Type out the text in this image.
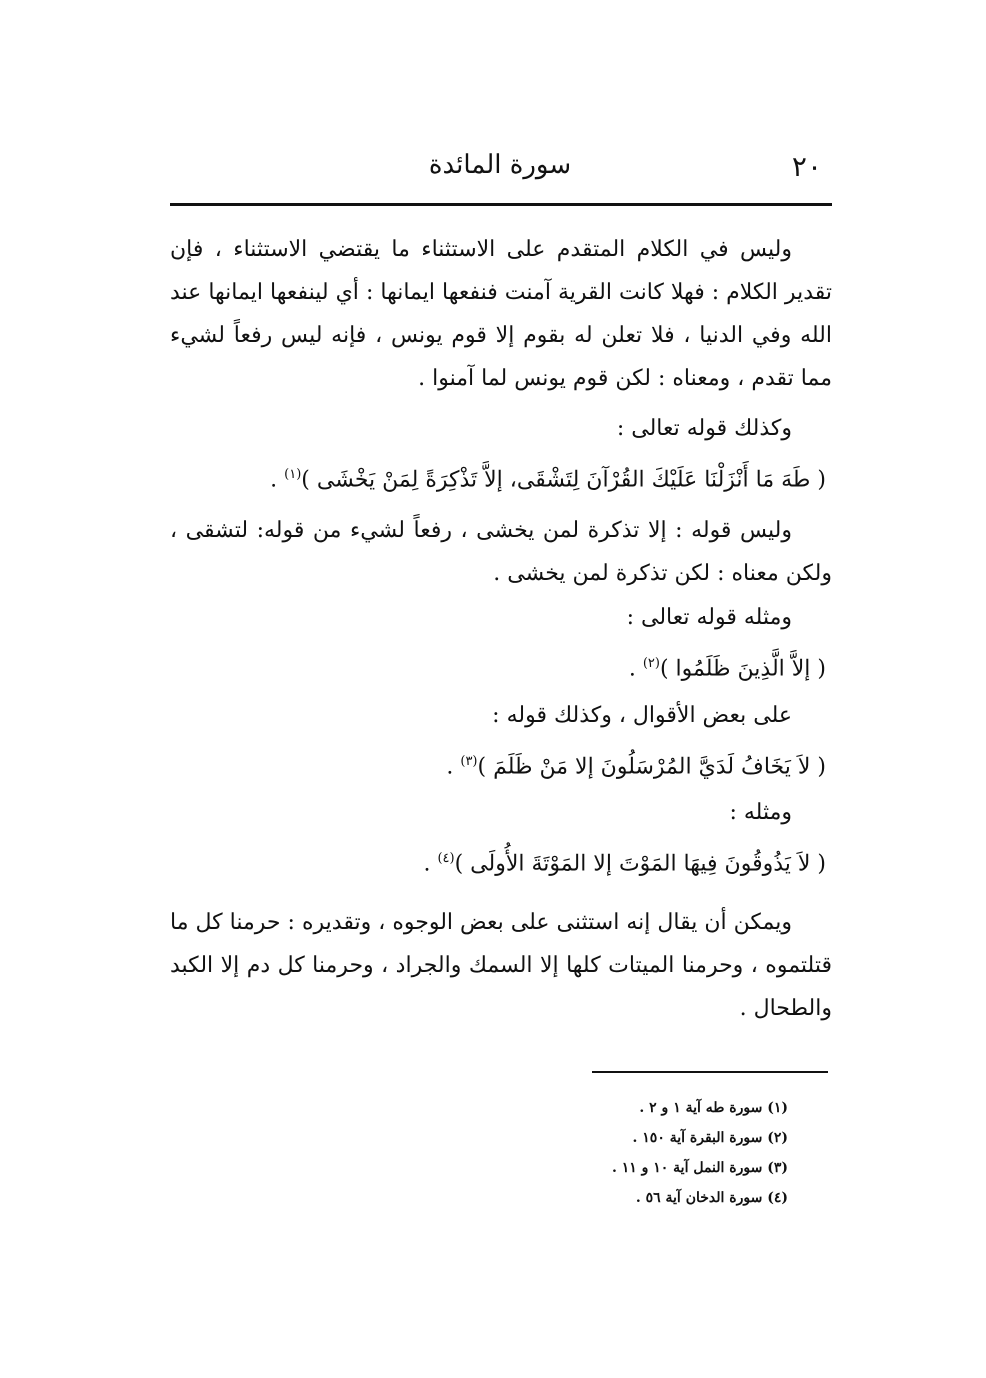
٢٠
سورة المائدة

وليس في الكلام المتقدم على الاستثناء ما يقتضي الاستثناء ، فإن تقدير الكلام : فهلا كانت القرية آمنت فنفعها ايمانها : أي لينفعها ايمانها عند الله وفي الدنيا ، فلا تعلن له بقوم إلا قوم يونس ، فإنه ليس رفعاً لشيء مما تقدم ، ومعناه : لكن قوم يونس لما آمنوا .

وكذلك قوله تعالى :

( طَهَ مَا أَنْزَلْنَا عَلَيْكَ القُرْآنَ لِتَشْقَى، إلاَّ تَذْكِرَةً لِمَنْ يَخْشَى )$^{(١)}$ .

وليس قوله : إلا تذكرة لمن يخشى ، رفعاً لشيء من قوله: لتشقى ، ولكن معناه : لكن تذكرة لمن يخشى .

ومثله قوله تعالى :

( إلاَّ الَّذِينَ ظَلَمُوا )$^{(٢)}$ .

على بعض الأقوال ، وكذلك قوله :

( لاَ يَخَافُ لَدَيَّ المُرْسَلُونَ إلا مَنْ ظَلَمَ )$^{(٣)}$ .

ومثله :

( لاَ يَذُوقُونَ فِيهَا المَوْتَ إلا المَوْتَةَ الأُولَى )$^{(٤)}$ .

ويمكن أن يقال إنه استثنى على بعض الوجوه ، وتقديره : حرمنا كل ما قتلتموه ، وحرمنا الميتات كلها إلا السمك والجراد ، وحرمنا كل دم إلا الكبد والطحال .

(١) سورة طه آية ١ و ٢ .

(٢) سورة البقرة آية ١٥٠ .

(٣) سورة النمل آية ١٠ و ١١ .

(٤) سورة الدخان آية ٥٦ .
